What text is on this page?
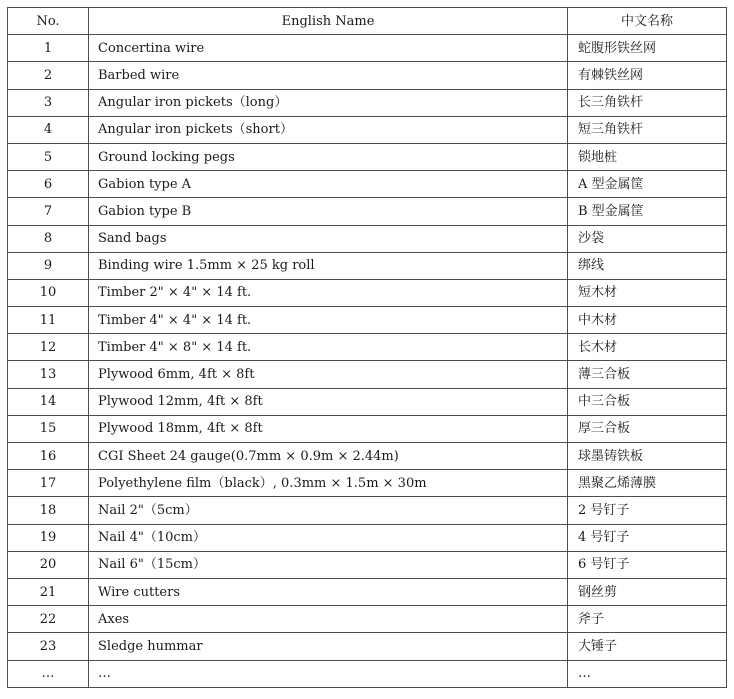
No.	English Name	中文名称
1	Concertina wire	蛇腹形铁丝网
2	Barbed wire	有棘铁丝网
3	Angular iron pickets（long）	长三角铁杆
4	Angular iron pickets（short）	短三角铁杆
5	Ground locking pegs	锁地桩
6	Gabion type A	A 型金属筐
7	Gabion type B	B 型金属筐
8	Sand bags	沙袋
9	Binding wire 1.5mm × 25 kg roll	绑线
10	Timber 2" × 4" × 14 ft.	短木材
11	Timber 4" × 4" × 14 ft.	中木材
12	Timber 4" × 8" × 14 ft.	长木材
13	Plywood 6mm, 4ft × 8ft	薄三合板
14	Plywood 12mm, 4ft × 8ft	中三合板
15	Plywood 18mm, 4ft × 8ft	厚三合板
16	CGI Sheet 24 gauge(0.7mm × 0.9m × 2.44m)	球墨铸铁板
17	Polyethylene film（black）, 0.3mm × 1.5m × 30m	黑聚乙烯薄膜
18	Nail 2"（5cm）	2 号钉子
19	Nail 4"（10cm）	4 号钉子
20	Nail 6"（15cm）	6 号钉子
21	Wire cutters	钢丝剪
22	Axes	斧子
23	Sledge hummar	大锤子
…	…	…
